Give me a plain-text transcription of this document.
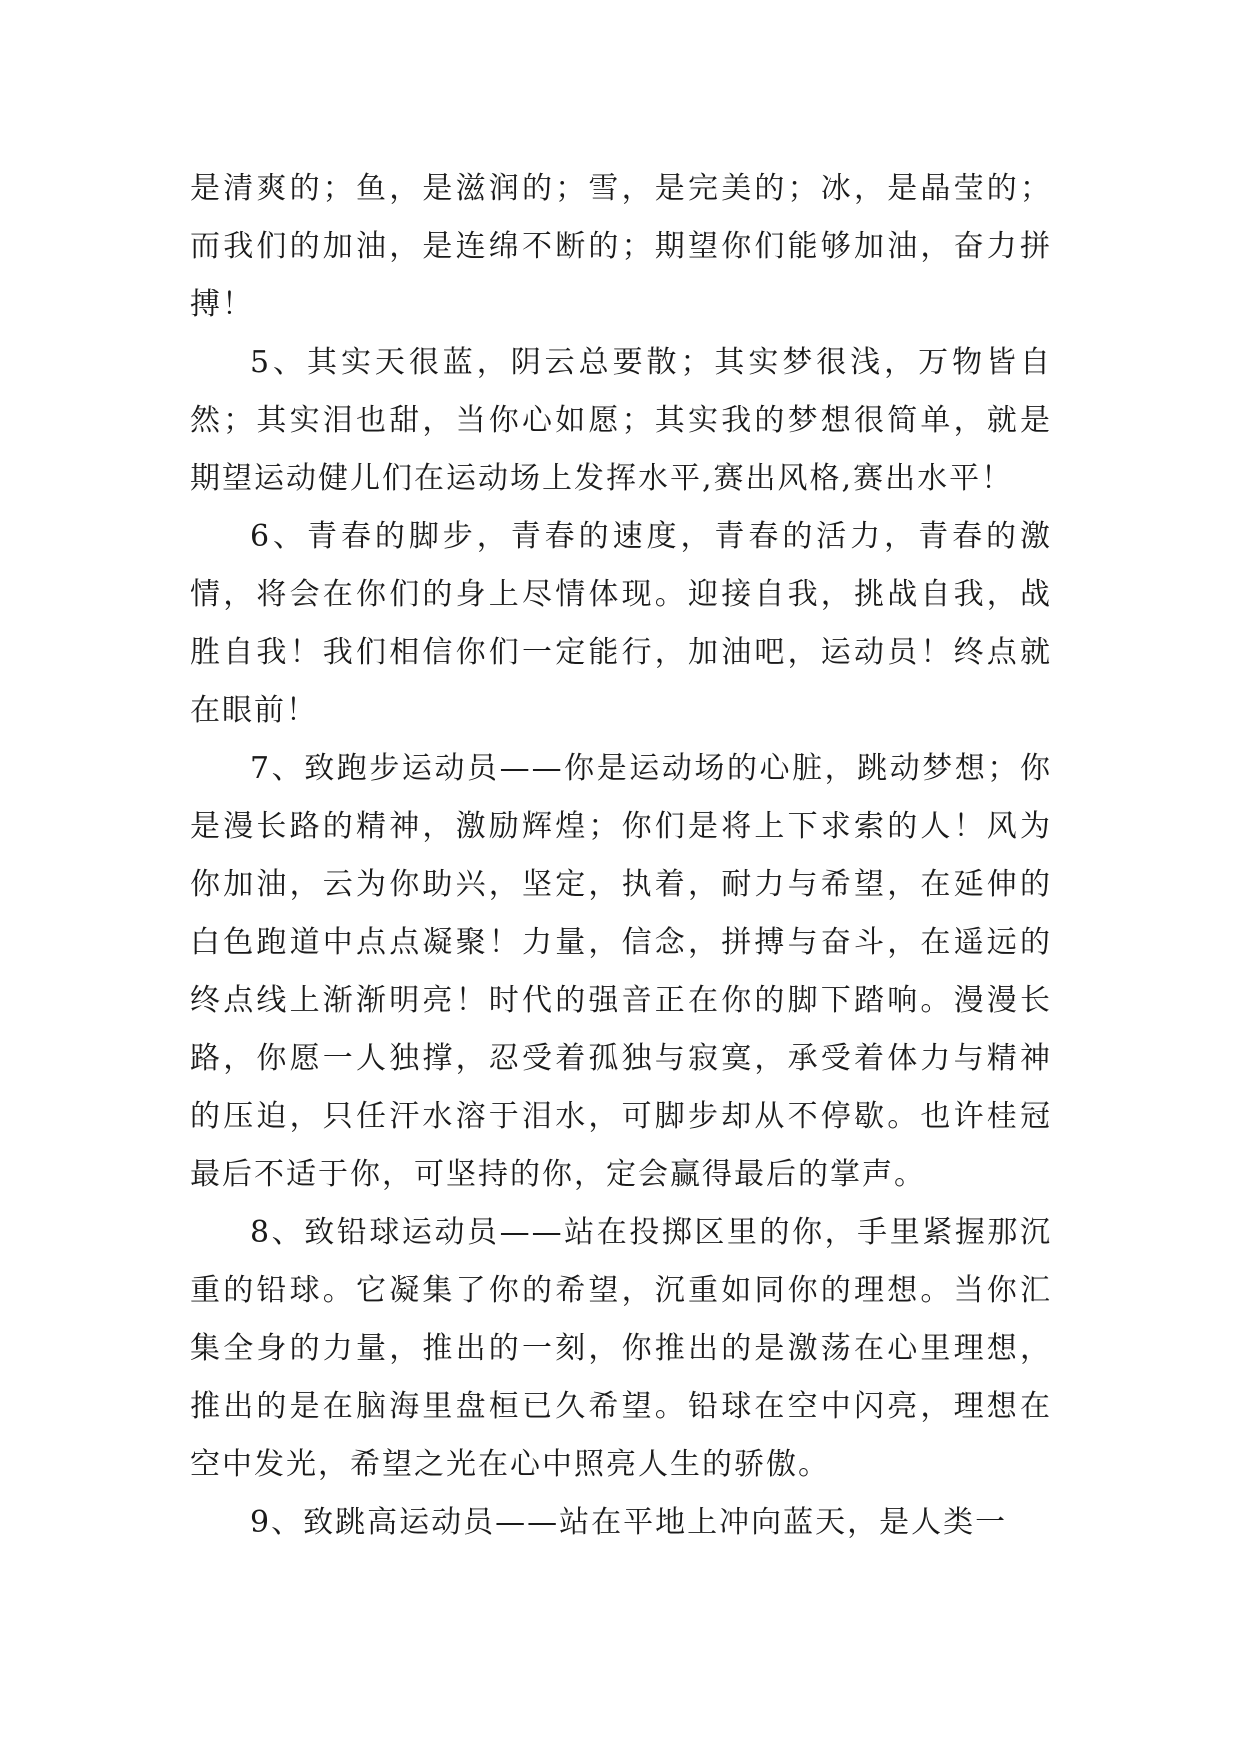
是清爽的；鱼，是滋润的；雪，是完美的；冰，是晶莹的；而我们的加油，是连绵不断的；期望你们能够加油，奋力拼搏！

5、其实天很蓝，阴云总要散；其实梦很浅，万物皆自然；其实泪也甜，当你心如愿；其实我的梦想很简单，就是期望运动健儿们在运动场上发挥水平,赛出风格,赛出水平！

6、青春的脚步，青春的速度，青春的活力，青春的激情，将会在你们的身上尽情体现。迎接自我，挑战自我，战胜自我！我们相信你们一定能行，加油吧，运动员！终点就在眼前！

7、致跑步运动员——你是运动场的心脏，跳动梦想；你是漫长路的精神，激励辉煌；你们是将上下求索的人！风为你加油，云为你助兴，坚定，执着，耐力与希望，在延伸的白色跑道中点点凝聚！力量，信念，拼搏与奋斗，在遥远的终点线上渐渐明亮！时代的强音正在你的脚下踏响。漫漫长路，你愿一人独撑，忍受着孤独与寂寞，承受着体力与精神的压迫，只任汗水溶于泪水，可脚步却从不停歇。也许桂冠最后不适于你，可坚持的你，定会赢得最后的掌声。

8、致铅球运动员——站在投掷区里的你，手里紧握那沉重的铅球。它凝集了你的希望，沉重如同你的理想。当你汇集全身的力量，推出的一刻，你推出的是激荡在心里理想，推出的是在脑海里盘桓已久希望。铅球在空中闪亮，理想在空中发光，希望之光在心中照亮人生的骄傲。

9、致跳高运动员——站在平地上冲向蓝天，是人类一
